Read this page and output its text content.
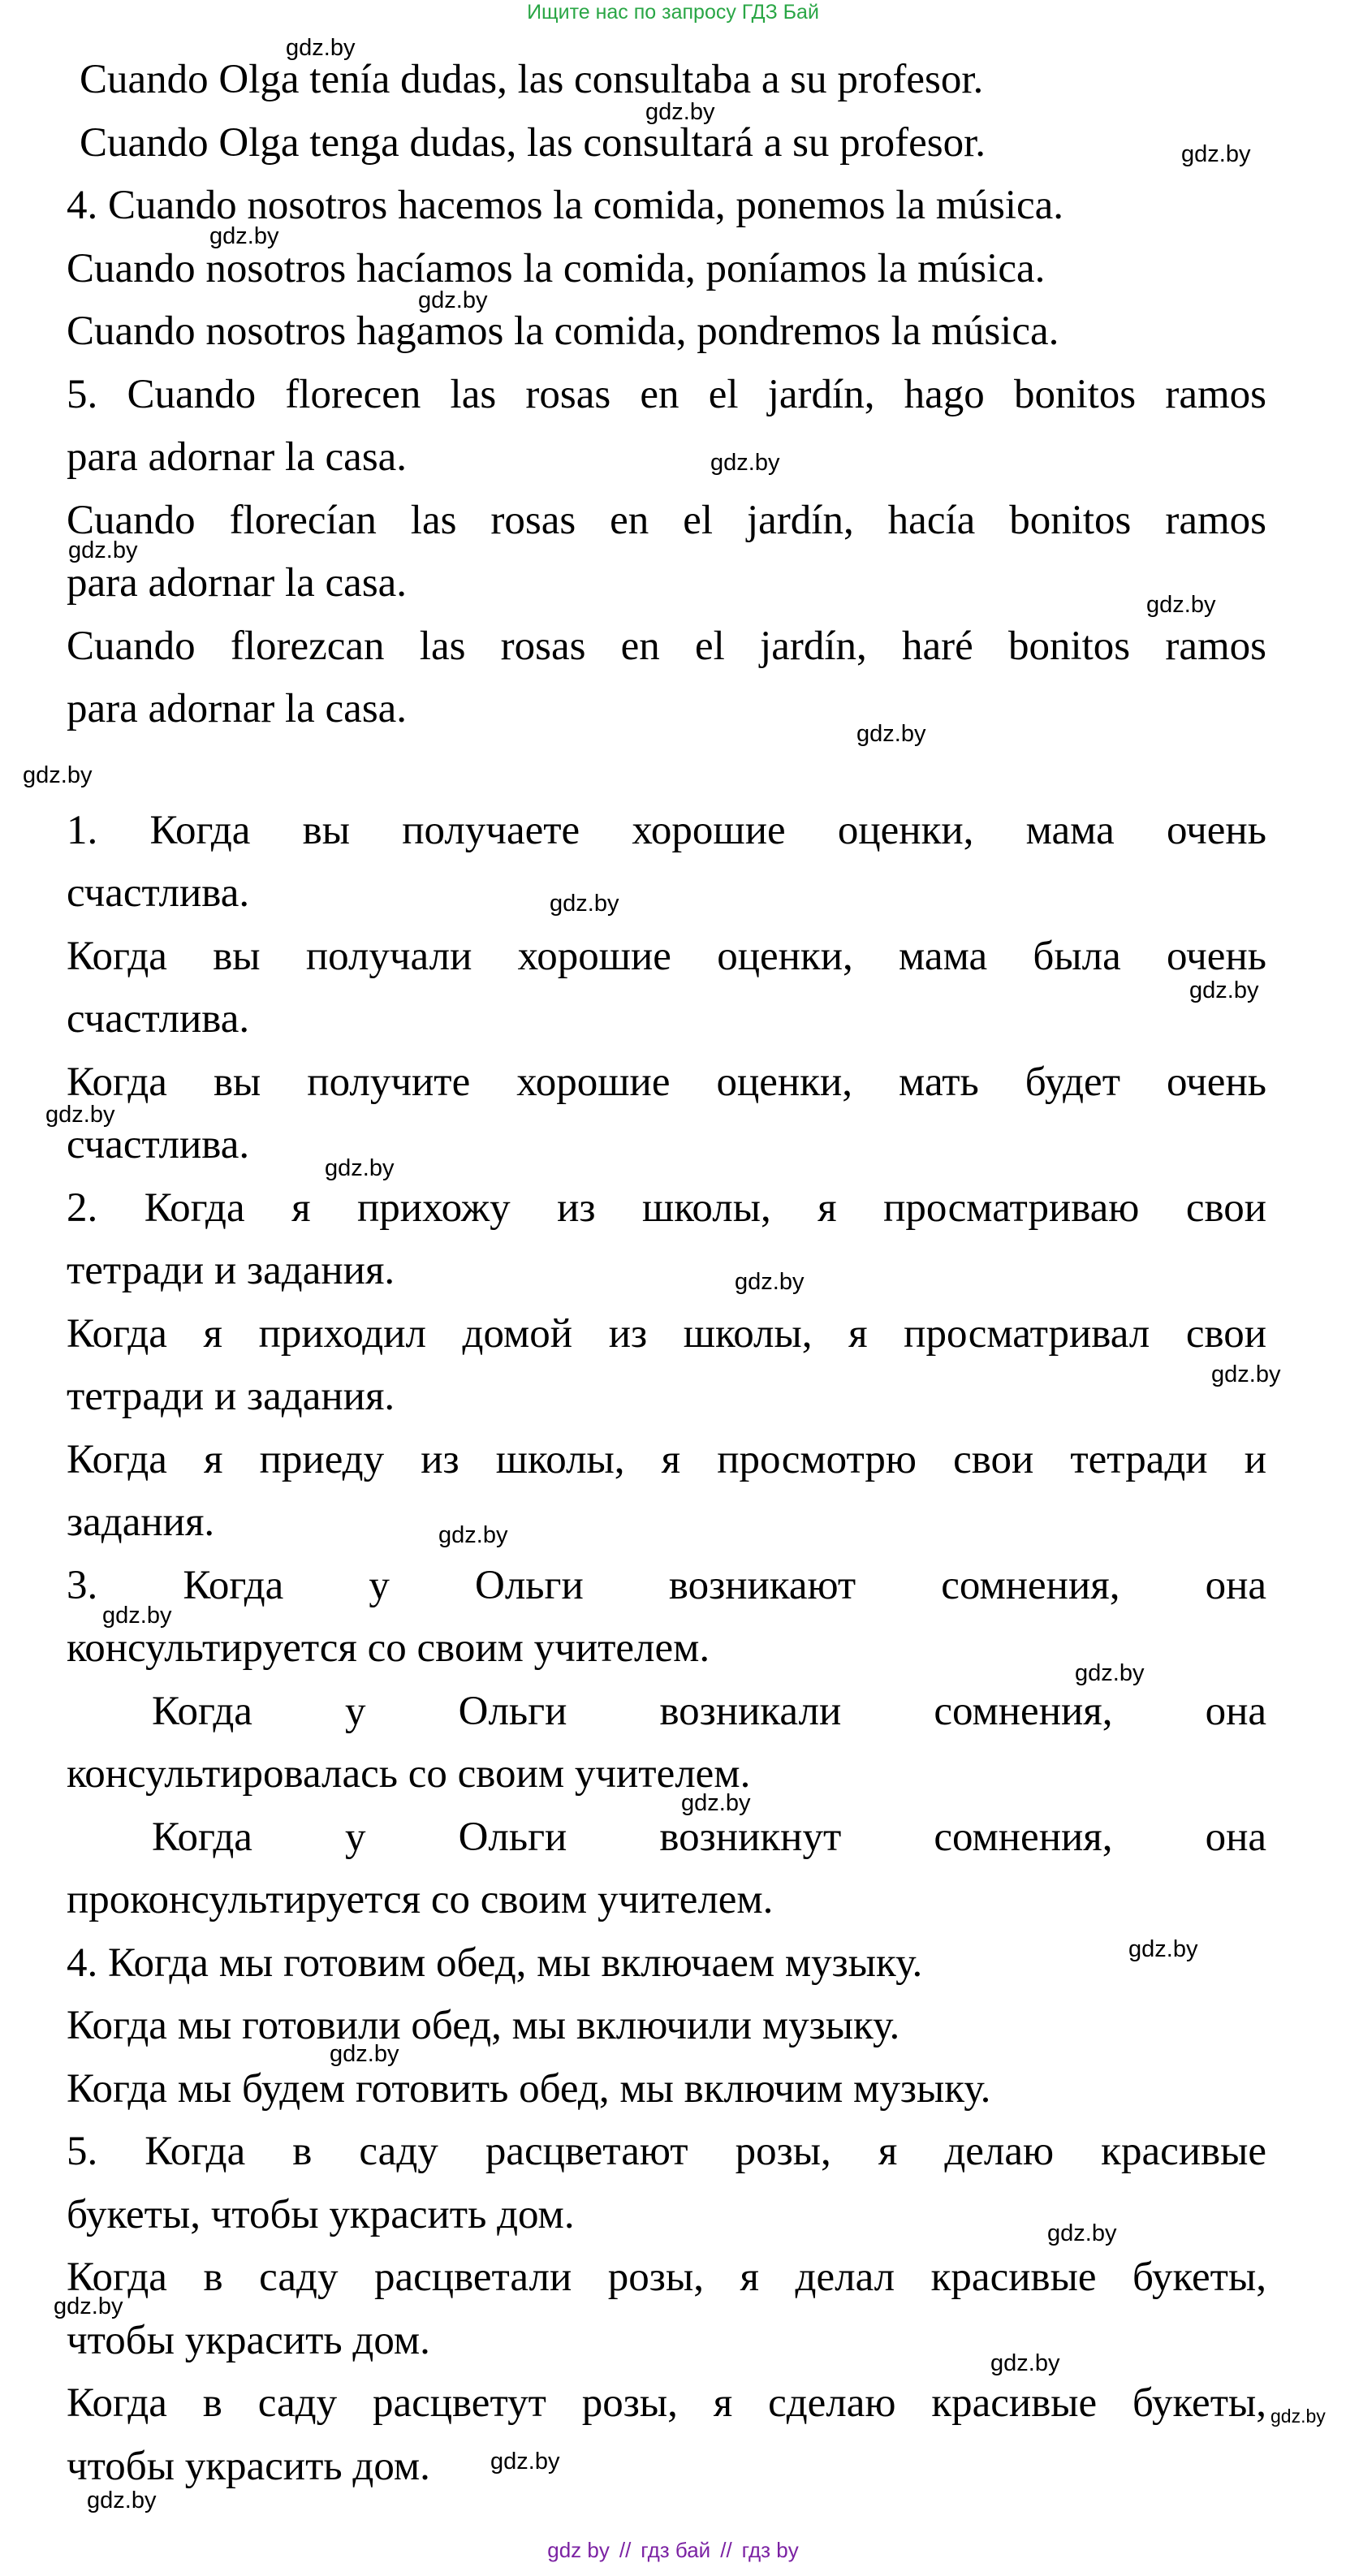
Ищите нас по запросу ГДЗ Бай
Cuando Olga tenía dudas, las consultaba a su profesor.
Cuando Olga tenga dudas, las consultará a su profesor.
4. Cuando nosotros hacemos la comida, ponemos la música.
Cuando nosotros hacíamos la comida, poníamos la música.
Cuando nosotros hagamos la comida, pondremos la música.
5. Cuando florecen las rosas en el jardín, hago bonitos ramos
para adornar la casa.
Cuando florecían las rosas en el jardín, hacía bonitos ramos
para adornar la casa.
Cuando florezcan las rosas en el jardín, haré bonitos ramos
para adornar la casa.
1. Когда вы получаете хорошие оценки, мама очень
счастлива.
Когда вы получали хорошие оценки, мама была очень
счастлива.
Когда вы получите хорошие оценки, мать будет очень
счастлива.
2. Когда я прихожу из школы, я просматриваю свои
тетради и задания.
Когда я приходил домой из школы, я просматривал свои
тетради и задания.
Когда я приеду из школы, я просмотрю свои тетради и
задания.
3. Когда у Ольги возникают сомнения, она
консультируется со своим учителем.
Когда у Ольги возникали сомнения, она
консультировалась со своим учителем.
Когда у Ольги возникнут сомнения, она
проконсультируется со своим учителем.
4. Когда мы готовим обед, мы включаем музыку.
Когда мы готовили обед, мы включили музыку.
Когда мы будем готовить обед, мы включим музыку.
5. Когда в саду расцветают розы, я делаю красивые
букеты, чтобы украсить дом.
Когда в саду расцветали розы, я делал красивые букеты,
чтобы украсить дом.
Когда в саду расцветут розы, я сделаю красивые букеты,
чтобы украсить дом.
gdz.by
gdz.by
gdz.by
gdz.by
gdz.by
gdz.by
gdz.by
gdz.by
gdz.by
gdz.by
gdz.by
gdz.by
gdz.by
gdz.by
gdz.by
gdz.by
gdz.by
gdz.by
gdz.by
gdz.by
gdz.by
gdz.by
gdz.by
gdz.by
gdz.by
gdz.by
gdz.by
gdz.by
gdz by // гдз бай // гдз by
